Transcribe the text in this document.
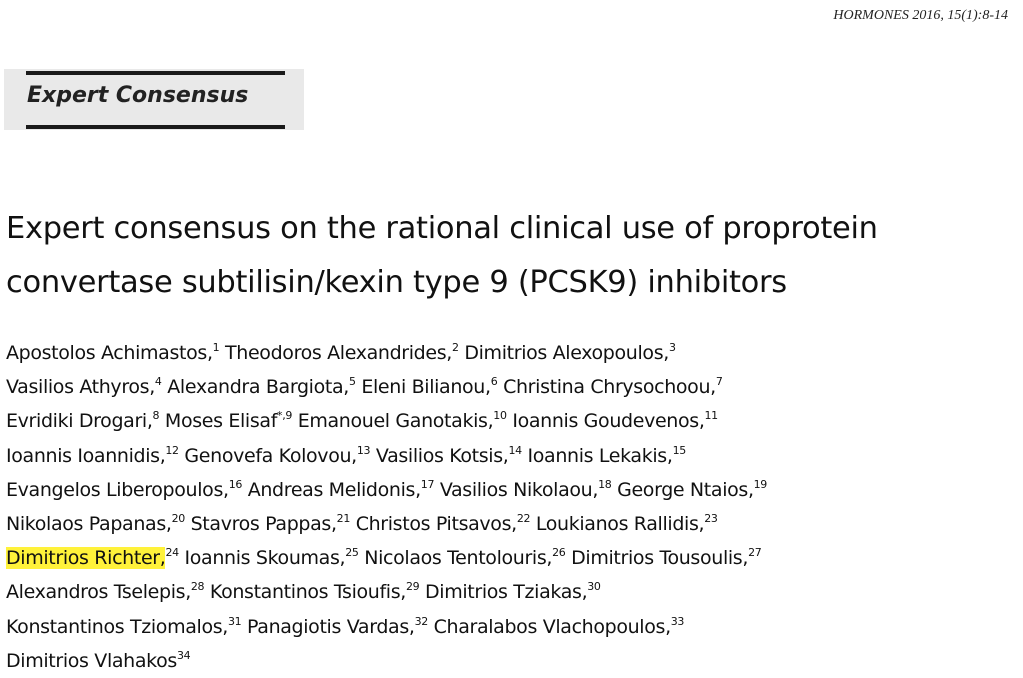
HORMONES 2016, 15(1):8-14
Expert Consensus
Expert consensus on the rational clinical use of proprotein
convertase subtilisin/kexin type 9 (PCSK9) inhibitors
Apostolos Achimastos,$^1$ Theodoros Alexandrides,$^2$ Dimitrios Alexopoulos,$^3$
Vasilios Athyros,$^4$ Alexandra Bargiota,$^5$ Eleni Bilianou,$^6$ Christina Chrysochoou,$^7$
Evridiki Drogari,$^8$ Moses Elisaf$^{*,9}$ Emanouel Ganotakis,$^{10}$ Ioannis Goudevenos,$^{11}$
Ioannis Ioannidis,$^{12}$ Genovefa Kolovou,$^{13}$ Vasilios Kotsis,$^{14}$ Ioannis Lekakis,$^{15}$
Evangelos Liberopoulos,$^{16}$ Andreas Melidonis,$^{17}$ Vasilios Nikolaou,$^{18}$ George Ntaios,$^{19}$
Nikolaos Papanas,$^{20}$ Stavros Pappas,$^{21}$ Christos Pitsavos,$^{22}$ Loukianos Rallidis,$^{23}$
Dimitrios Richter,$^{24}$ Ioannis Skoumas,$^{25}$ Nicolaos Tentolouris,$^{26}$ Dimitrios Tousoulis,$^{27}$
Alexandros Tselepis,$^{28}$ Konstantinos Tsioufis,$^{29}$ Dimitrios Tziakas,$^{30}$
Konstantinos Tziomalos,$^{31}$ Panagiotis Vardas,$^{32}$ Charalabos Vlachopoulos,$^{33}$
Dimitrios Vlahakos$^{34}$
